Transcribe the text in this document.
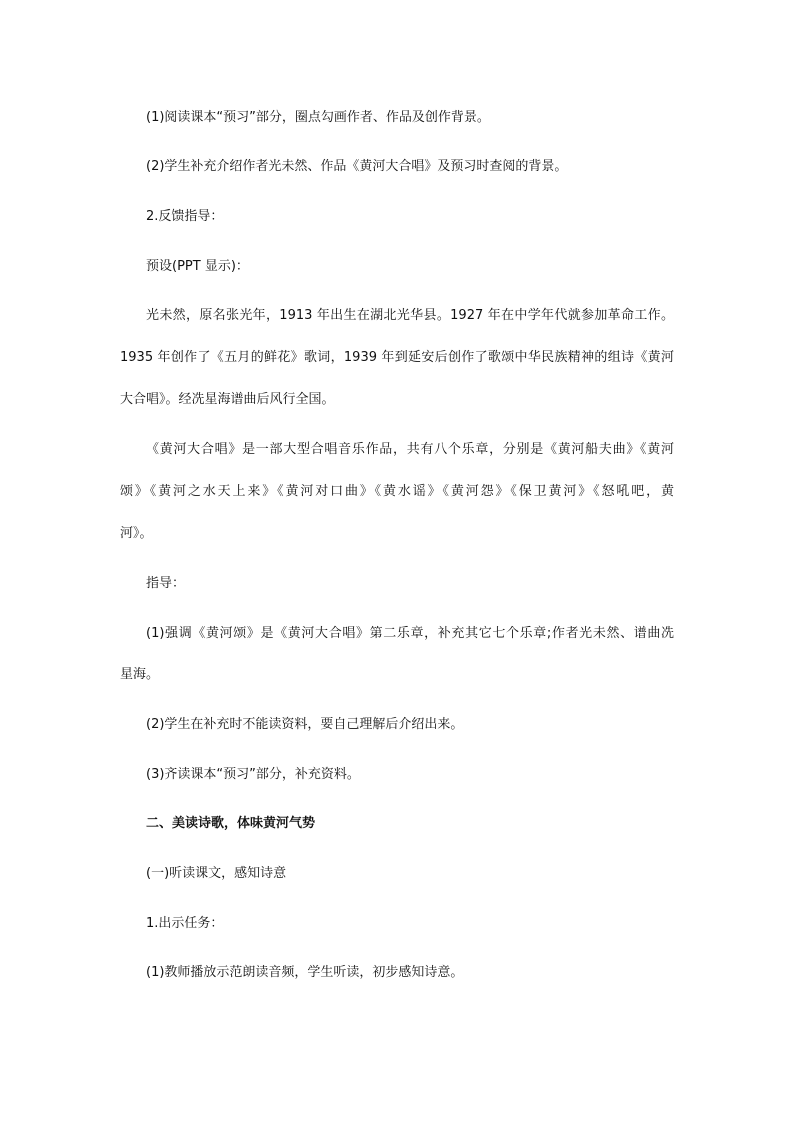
(1)阅读课本“预习”部分，圈点勾画作者、作品及创作背景。
(2)学生补充介绍作者光未然、作品《黄河大合唱》及预习时查阅的背景。
2.反馈指导：
预设(PPT 显示)：
光未然，原名张光年，1913 年出生在湖北光华县。1927 年在中学年代就参加革命工作。
1935 年创作了《五月的鲜花》歌词，1939 年到延安后创作了歌颂中华民族精神的组诗《黄河
大合唱》。经冼星海谱曲后风行全国。
《黄河大合唱》是一部大型合唱音乐作品，共有八个乐章，分别是《黄河船夫曲》《黄河
颂》《黄河之水天上来》《黄河对口曲》《黄水谣》《黄河怨》《保卫黄河》《怒吼吧，黄
河》。
指导：
(1)强调《黄河颂》是《黄河大合唱》第二乐章，补充其它七个乐章;作者光未然、谱曲冼
星海。
(2)学生在补充时不能读资料，要自己理解后介绍出来。
(3)齐读课本“预习”部分，补充资料。
二、美读诗歌，体味黄河气势
(一)听读课文，感知诗意
1.出示任务：
(1)教师播放示范朗读音频，学生听读，初步感知诗意。
